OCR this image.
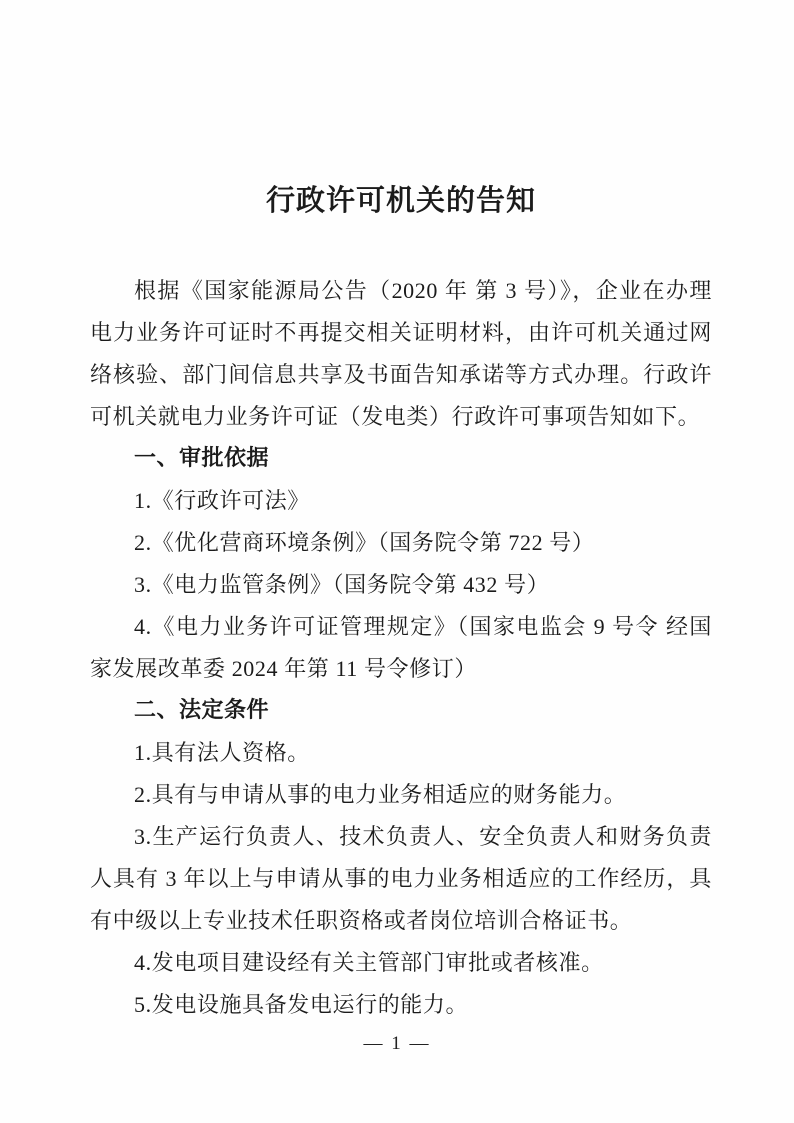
行政许可机关的告知

根据《国家能源局公告（2020 年 第 3 号）》，企业在办理电力业务许可证时不再提交相关证明材料，由许可机关通过网络核验、部门间信息共享及书面告知承诺等方式办理。行政许可机关就电力业务许可证（发电类）行政许可事项告知如下。

一、审批依据

1.《行政许可法》

2.《优化营商环境条例》（国务院令第 722 号）

3.《电力监管条例》（国务院令第 432 号）

4.《电力业务许可证管理规定》（国家电监会 9 号令 经国家发展改革委 2024 年第 11 号令修订）

二、法定条件

1.具有法人资格。

2.具有与申请从事的电力业务相适应的财务能力。

3.生产运行负责人、技术负责人、安全负责人和财务负责人具有 3 年以上与申请从事的电力业务相适应的工作经历，具有中级以上专业技术任职资格或者岗位培训合格证书。

4.发电项目建设经有关主管部门审批或者核准。

5.发电设施具备发电运行的能力。

— 1 —
